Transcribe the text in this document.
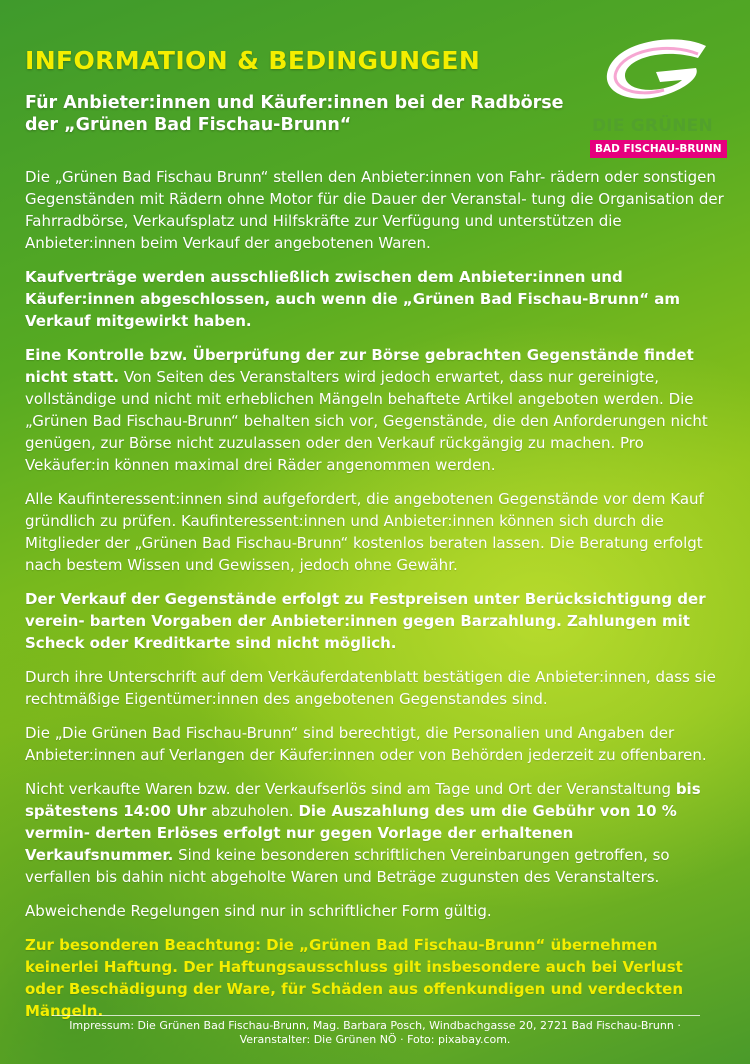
INFORMATION & BEDINGUNGEN
Für Anbieter:innen und Käufer:innen bei der Radbörse der „Grünen Bad Fischau-Brunn“	DIE GRÜNEN
BAD FISCHAU-BRUNN

Die „Grünen Bad Fischau Brunn“ stellen den Anbieter:innen von Fahr- rädern oder sonstigen Gegenständen mit Rädern ohne Motor für die Dauer der Veranstal- tung die Organisation der Fahrradbörse, Verkaufsplatz und Hilfskräfte zur Verfügung und unterstützen die Anbieter:innen beim Verkauf der angebotenen Waren.

Kaufverträge werden ausschließlich zwischen dem Anbieter:innen und Käufer:innen abgeschlossen, auch wenn die „Grünen Bad Fischau-Brunn“ am Verkauf mitgewirkt haben.

Eine Kontrolle bzw. Überprüfung der zur Börse gebrachten Gegenstände findet nicht statt. Von Seiten des Veranstalters wird jedoch erwartet, dass nur gereinigte, vollständige und nicht mit erheblichen Mängeln behaftete Artikel angeboten werden. Die „Grünen Bad Fischau-Brunn“ behalten sich vor, Gegenstände, die den Anforderungen nicht genügen, zur Börse nicht zuzulassen oder den Verkauf rückgängig zu machen. Pro Vekäufer:in können maximal drei Räder angenommen werden.

Alle Kaufinteressent:innen sind aufgefordert, die angebotenen Gegenstände vor dem Kauf gründlich zu prüfen. Kaufinteressent:innen und Anbieter:innen können sich durch die Mitglieder der „Grünen Bad Fischau-Brunn“ kostenlos beraten lassen. Die Beratung erfolgt nach bestem Wissen und Gewissen, jedoch ohne Gewähr.

Der Verkauf der Gegenstände erfolgt zu Festpreisen unter Berücksichtigung der verein- barten Vorgaben der Anbieter:innen gegen Barzahlung. Zahlungen mit Scheck oder Kreditkarte sind nicht möglich.

Durch ihre Unterschrift auf dem Verkäuferdatenblatt bestätigen die Anbieter:innen, dass sie rechtmäßige Eigentümer:innen des angebotenen Gegenstandes sind.

Die „Die Grünen Bad Fischau-Brunn“ sind berechtigt, die Personalien und Angaben der Anbieter:innen auf Verlangen der Käufer:innen oder von Behörden jederzeit zu offenbaren.

Nicht verkaufte Waren bzw. der Verkaufserlös sind am Tage und Ort der Veranstaltung bis spätestens 14:00 Uhr abzuholen. Die Auszahlung des um die Gebühr von 10 % vermin- derten Erlöses erfolgt nur gegen Vorlage der erhaltenen Verkaufsnummer. Sind keine besonderen schriftlichen Vereinbarungen getroffen, so verfallen bis dahin nicht abgeholte Waren und Beträge zugunsten des Veranstalters.

Abweichende Regelungen sind nur in schriftlicher Form gültig.

Zur besonderen Beachtung: Die „Grünen Bad Fischau-Brunn“ übernehmen keinerlei Haftung. Der Haftungsausschluss gilt insbesondere auch bei Verlust oder Beschädigung der Ware, für Schäden aus offenkundigen und verdeckten Mängeln.

Impressum: Die Grünen Bad Fischau-Brunn, Mag. Barbara Posch, Windbachgasse 20, 2721 Bad Fischau-Brunn ·
Veranstalter: Die Grünen NÖ · Foto: pixabay.com.
